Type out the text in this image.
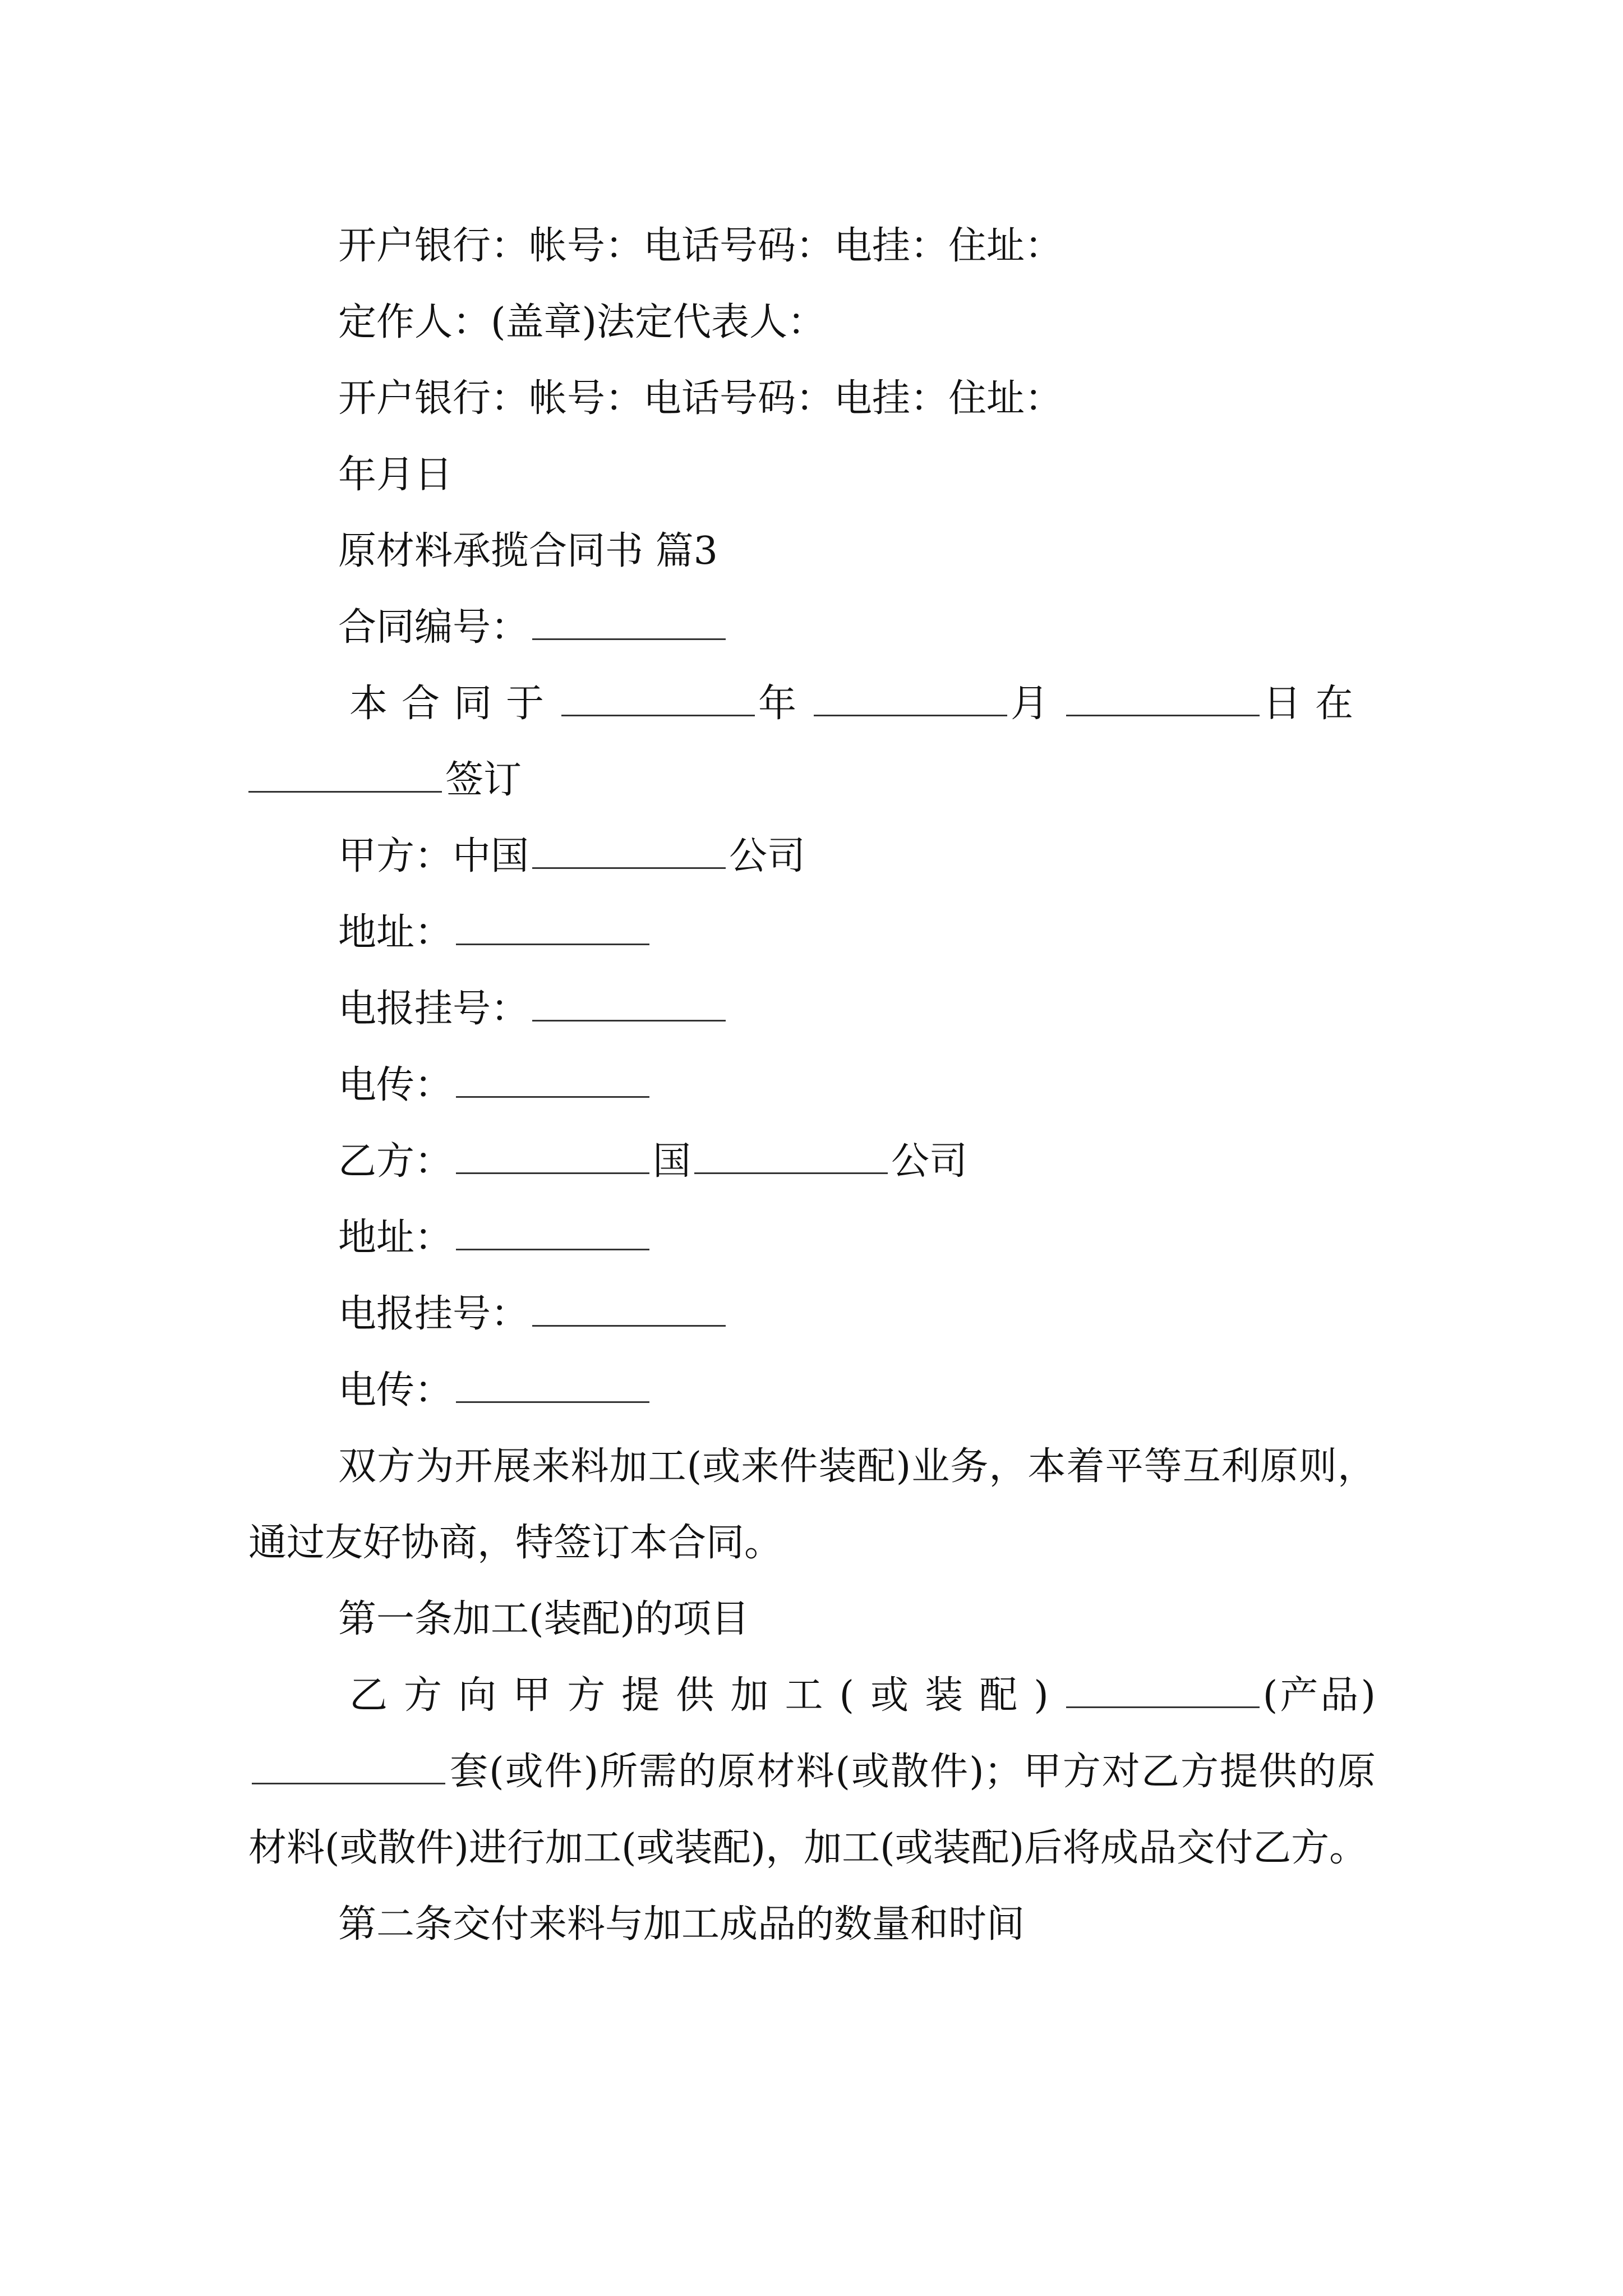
开户银行：帐号：电话号码：电挂：住址：

定作人：(盖章)法定代表人：

开户银行：帐号：电话号码：电挂：住址：

年月日

原材料承揽合同书 篇3

合同编号：

本合同于	年	月	日在

签订

甲方：中国	公司

地址：

电报挂号：

电传：

乙方：	国	公司

地址：

电报挂号：

电传：

双方为开展来料加工(或来件装配)业务，本着平等互利原则，通过友好协商，特签订本合同。

第一条加工(装配)的项目

乙方向甲方提供加工(或装配)	(产品)套(或件)所需的原材料(或散件)；甲方对乙方提供的原材料(或散件)进行加工(或装配)，加工(或装配)后将成品交付乙方。

第二条交付来料与加工成品的数量和时间
